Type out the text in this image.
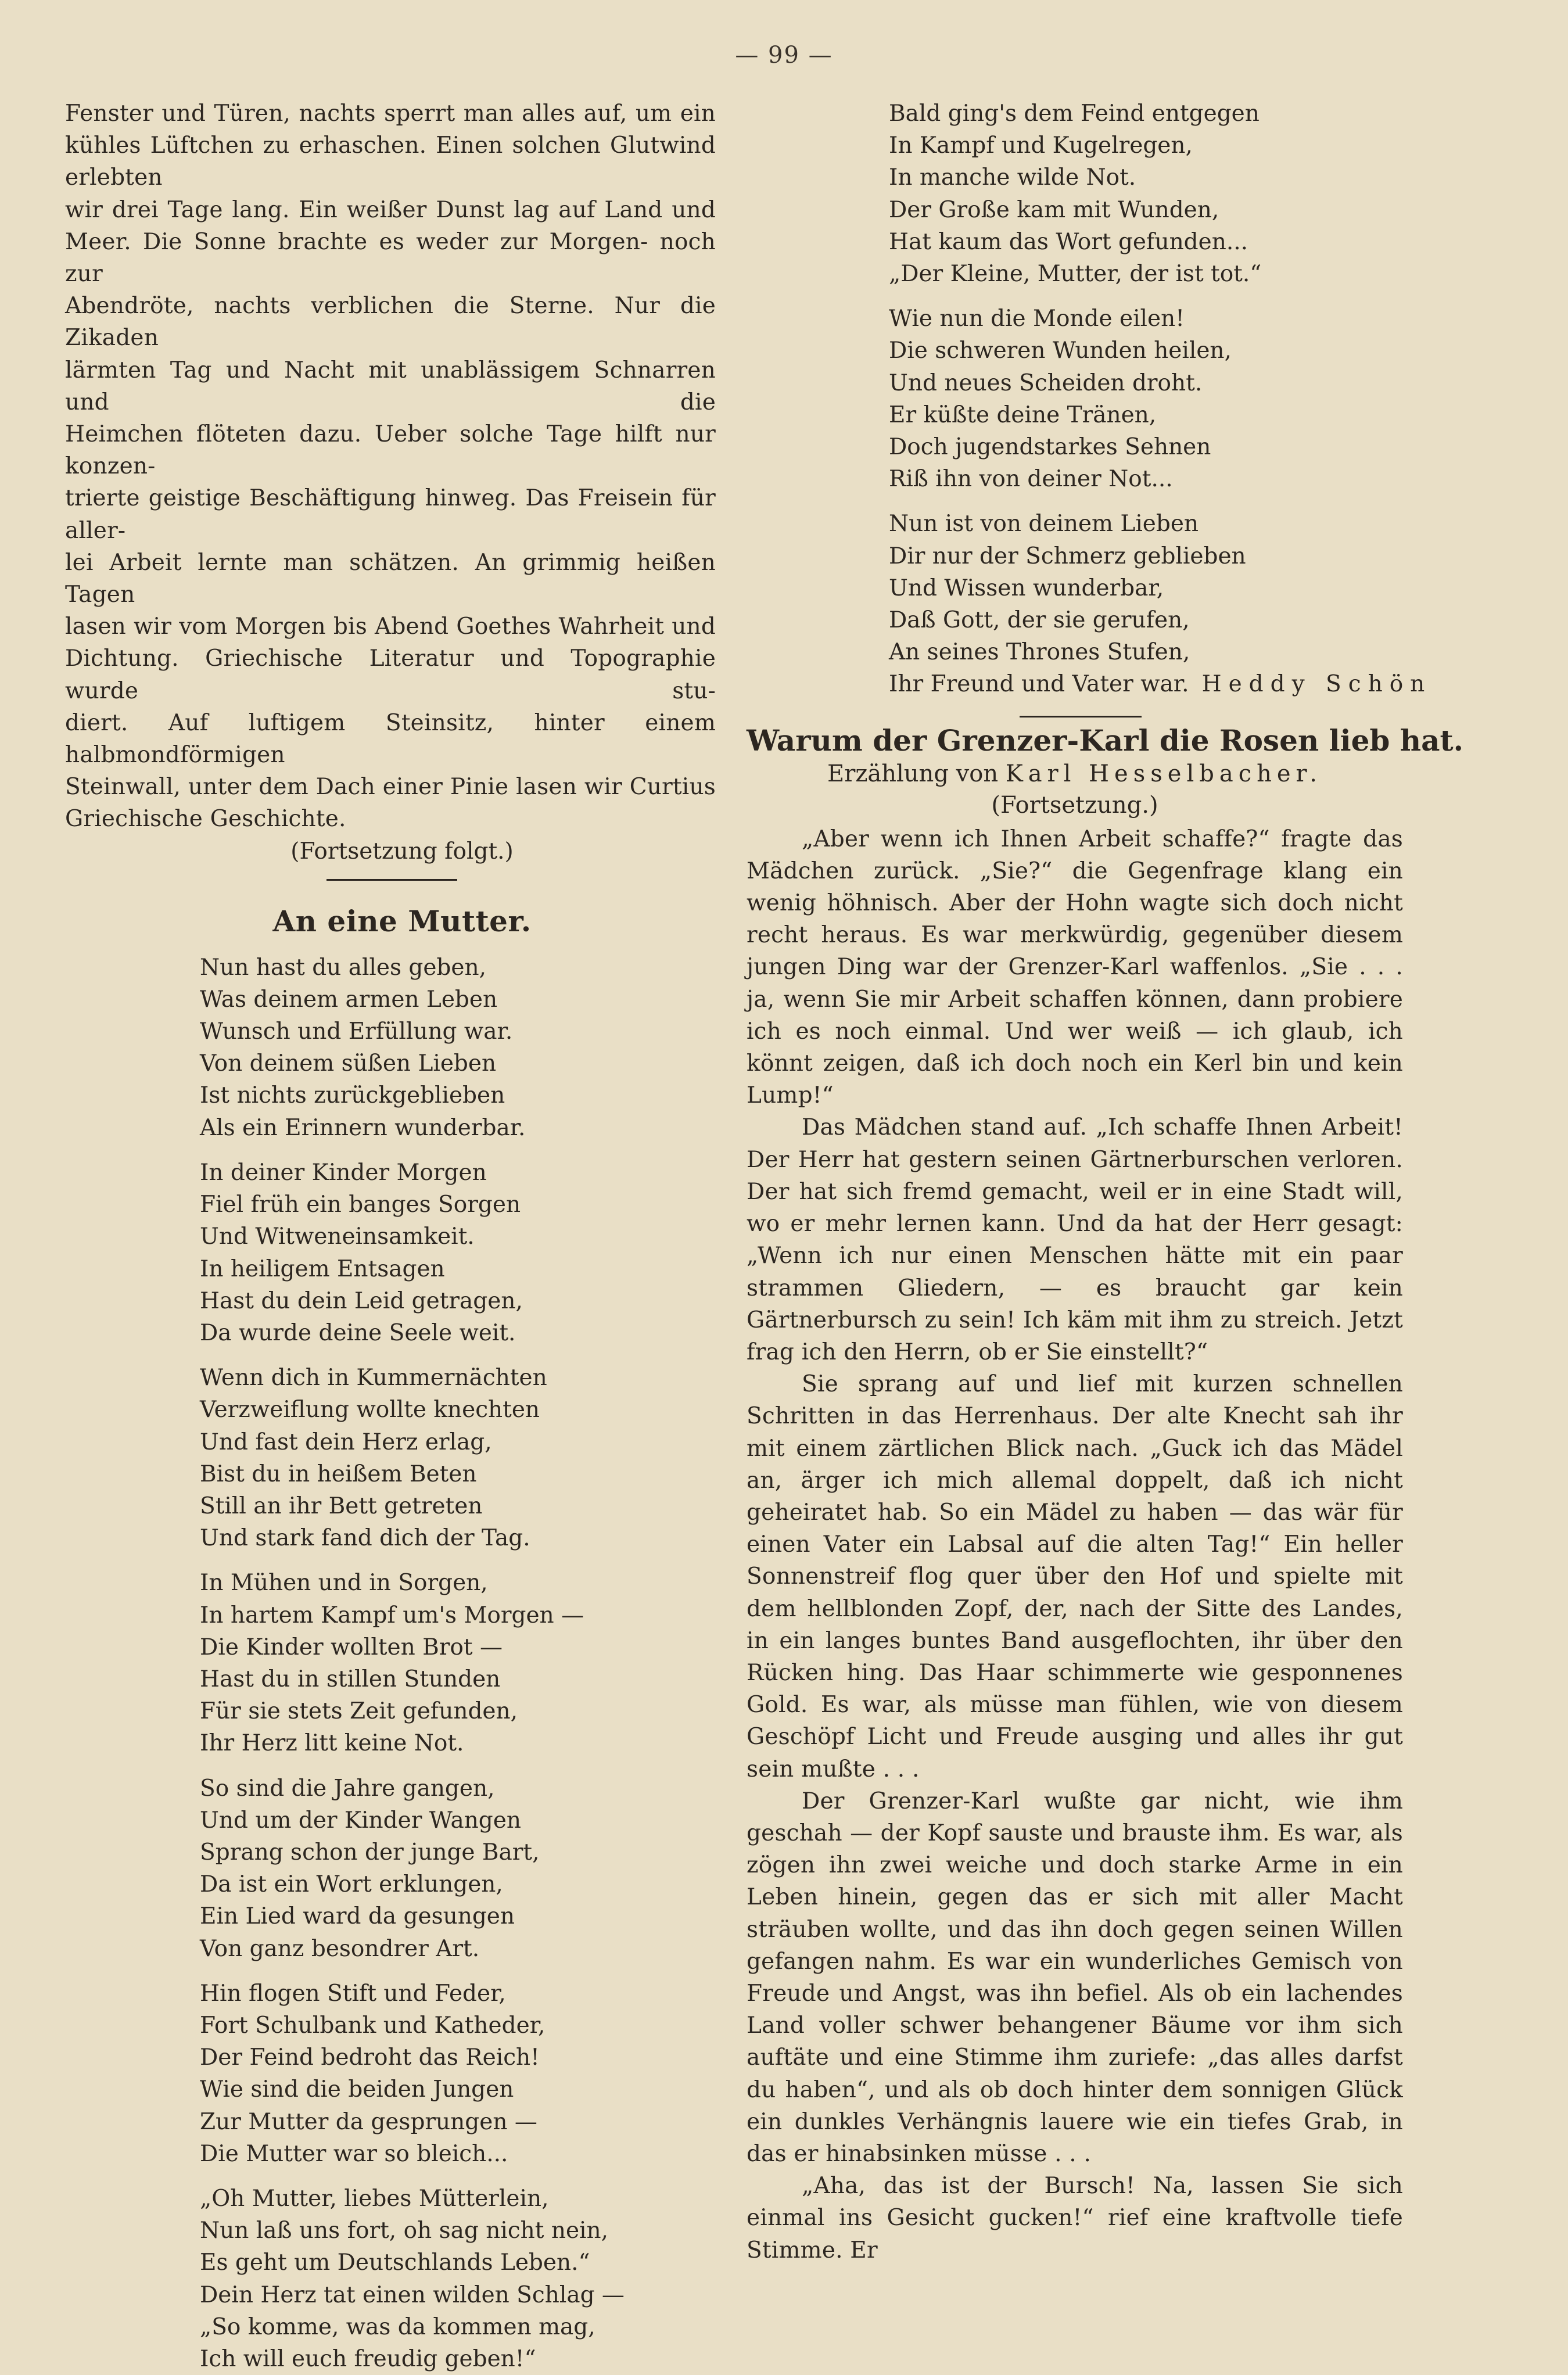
— 99 —
Fenster und Türen, nachts sperrt man alles auf, um ein
kühles Lüftchen zu erhaschen. Einen solchen Glutwind erlebten
wir drei Tage lang. Ein weißer Dunst lag auf Land und
Meer. Die Sonne brachte es weder zur Morgen- noch zur
Abendröte, nachts verblichen die Sterne. Nur die Zikaden
lärmten Tag und Nacht mit unablässigem Schnarren und die
Heimchen flöteten dazu. Ueber solche Tage hilft nur konzen-
trierte geistige Beschäftigung hinweg. Das Freisein für aller-
lei Arbeit lernte man schätzen. An grimmig heißen Tagen
lasen wir vom Morgen bis Abend Goethes Wahrheit und
Dichtung. Griechische Literatur und Topographie wurde stu-
diert. Auf luftigem Steinsitz, hinter einem halbmondförmigen
Steinwall, unter dem Dach einer Pinie lasen wir Curtius
Griechische Geschichte.

(Fortsetzung folgt.)

An eine Mutter.

Nun hast du alles geben,
Was deinem armen Leben
Wunsch und Erfüllung war.
Von deinem süßen Lieben
Ist nichts zurückgeblieben
Als ein Erinnern wunderbar.
In deiner Kinder Morgen
Fiel früh ein banges Sorgen
Und Witweneinsamkeit.
In heiligem Entsagen
Hast du dein Leid getragen,
Da wurde deine Seele weit.
Wenn dich in Kummernächten
Verzweiflung wollte knechten
Und fast dein Herz erlag,
Bist du in heißem Beten
Still an ihr Bett getreten
Und stark fand dich der Tag.
In Mühen und in Sorgen,
In hartem Kampf um's Morgen —
Die Kinder wollten Brot —
Hast du in stillen Stunden
Für sie stets Zeit gefunden,
Ihr Herz litt keine Not.
So sind die Jahre gangen,
Und um der Kinder Wangen
Sprang schon der junge Bart,
Da ist ein Wort erklungen,
Ein Lied ward da gesungen
Von ganz besondrer Art.
Hin flogen Stift und Feder,
Fort Schulbank und Katheder,
Der Feind bedroht das Reich!
Wie sind die beiden Jungen
Zur Mutter da gesprungen —
Die Mutter war so bleich...
„Oh Mutter, liebes Mütterlein,
Nun laß uns fort, oh sag nicht nein,
Es geht um Deutschlands Leben.“
Dein Herz tat einen wilden Schlag —
„So komme, was da kommen mag,
Ich will euch freudig geben!“
Bald ging's dem Feind entgegen
In Kampf und Kugelregen,
In manche wilde Not.
Der Große kam mit Wunden,
Hat kaum das Wort gefunden...
„Der Kleine, Mutter, der ist tot.“
Wie nun die Monde eilen!
Die schweren Wunden heilen,
Und neues Scheiden droht.
Er küßte deine Tränen,
Doch jugendstarkes Sehnen
Riß ihn von deiner Not...
Nun ist von deinem Lieben
Dir nur der Schmerz geblieben
Und Wissen wunderbar,
Daß Gott, der sie gerufen,
An seines Thrones Stufen,
Ihr Freund und Vater war. Heddy Schön

Warum der Grenzer-Karl die Rosen lieb hat.

Erzählung von Karl Hesselbacher.

(Fortsetzung.)

„Aber wenn ich Ihnen Arbeit schaffe?“ fragte das Mädchen zurück. „Sie?“ die Gegenfrage klang ein wenig höhnisch. Aber der Hohn wagte sich doch nicht recht heraus. Es war merkwürdig, gegenüber diesem jungen Ding war der Grenzer-Karl waffenlos. „Sie . . . ja, wenn Sie mir Arbeit schaffen können, dann probiere ich es noch einmal. Und wer weiß — ich glaub, ich könnt zeigen, daß ich doch noch ein Kerl bin und kein Lump!“

Das Mädchen stand auf. „Ich schaffe Ihnen Arbeit! Der Herr hat gestern seinen Gärtnerburschen verloren. Der hat sich fremd gemacht, weil er in eine Stadt will, wo er mehr lernen kann. Und da hat der Herr gesagt: „Wenn ich nur einen Menschen hätte mit ein paar strammen Gliedern, — es braucht gar kein Gärtnerbursch zu sein! Ich käm mit ihm zu streich. Jetzt frag ich den Herrn, ob er Sie einstellt?“

Sie sprang auf und lief mit kurzen schnellen Schritten in das Herrenhaus. Der alte Knecht sah ihr mit einem zärtlichen Blick nach. „Guck ich das Mädel an, ärger ich mich allemal doppelt, daß ich nicht geheiratet hab. So ein Mädel zu haben — das wär für einen Vater ein Labsal auf die alten Tag!“ Ein heller Sonnenstreif flog quer über den Hof und spielte mit dem hellblonden Zopf, der, nach der Sitte des Landes, in ein langes buntes Band ausgeflochten, ihr über den Rücken hing. Das Haar schimmerte wie gesponnenes Gold. Es war, als müsse man fühlen, wie von diesem Geschöpf Licht und Freude ausging und alles ihr gut sein mußte . . .

Der Grenzer-Karl wußte gar nicht, wie ihm geschah — der Kopf sauste und brauste ihm. Es war, als zögen ihn zwei weiche und doch starke Arme in ein Leben hinein, gegen das er sich mit aller Macht sträuben wollte, und das ihn doch gegen seinen Willen gefangen nahm. Es war ein wunderliches Gemisch von Freude und Angst, was ihn befiel. Als ob ein lachendes Land voller schwer behangener Bäume vor ihm sich auftäte und eine Stimme ihm zuriefe: „das alles darfst du haben“, und als ob doch hinter dem sonnigen Glück ein dunkles Verhängnis lauere wie ein tiefes Grab, in das er hinabsinken müsse . . .

„Aha, das ist der Bursch! Na, lassen Sie sich einmal ins Gesicht gucken!“ rief eine kraftvolle tiefe Stimme. Er
